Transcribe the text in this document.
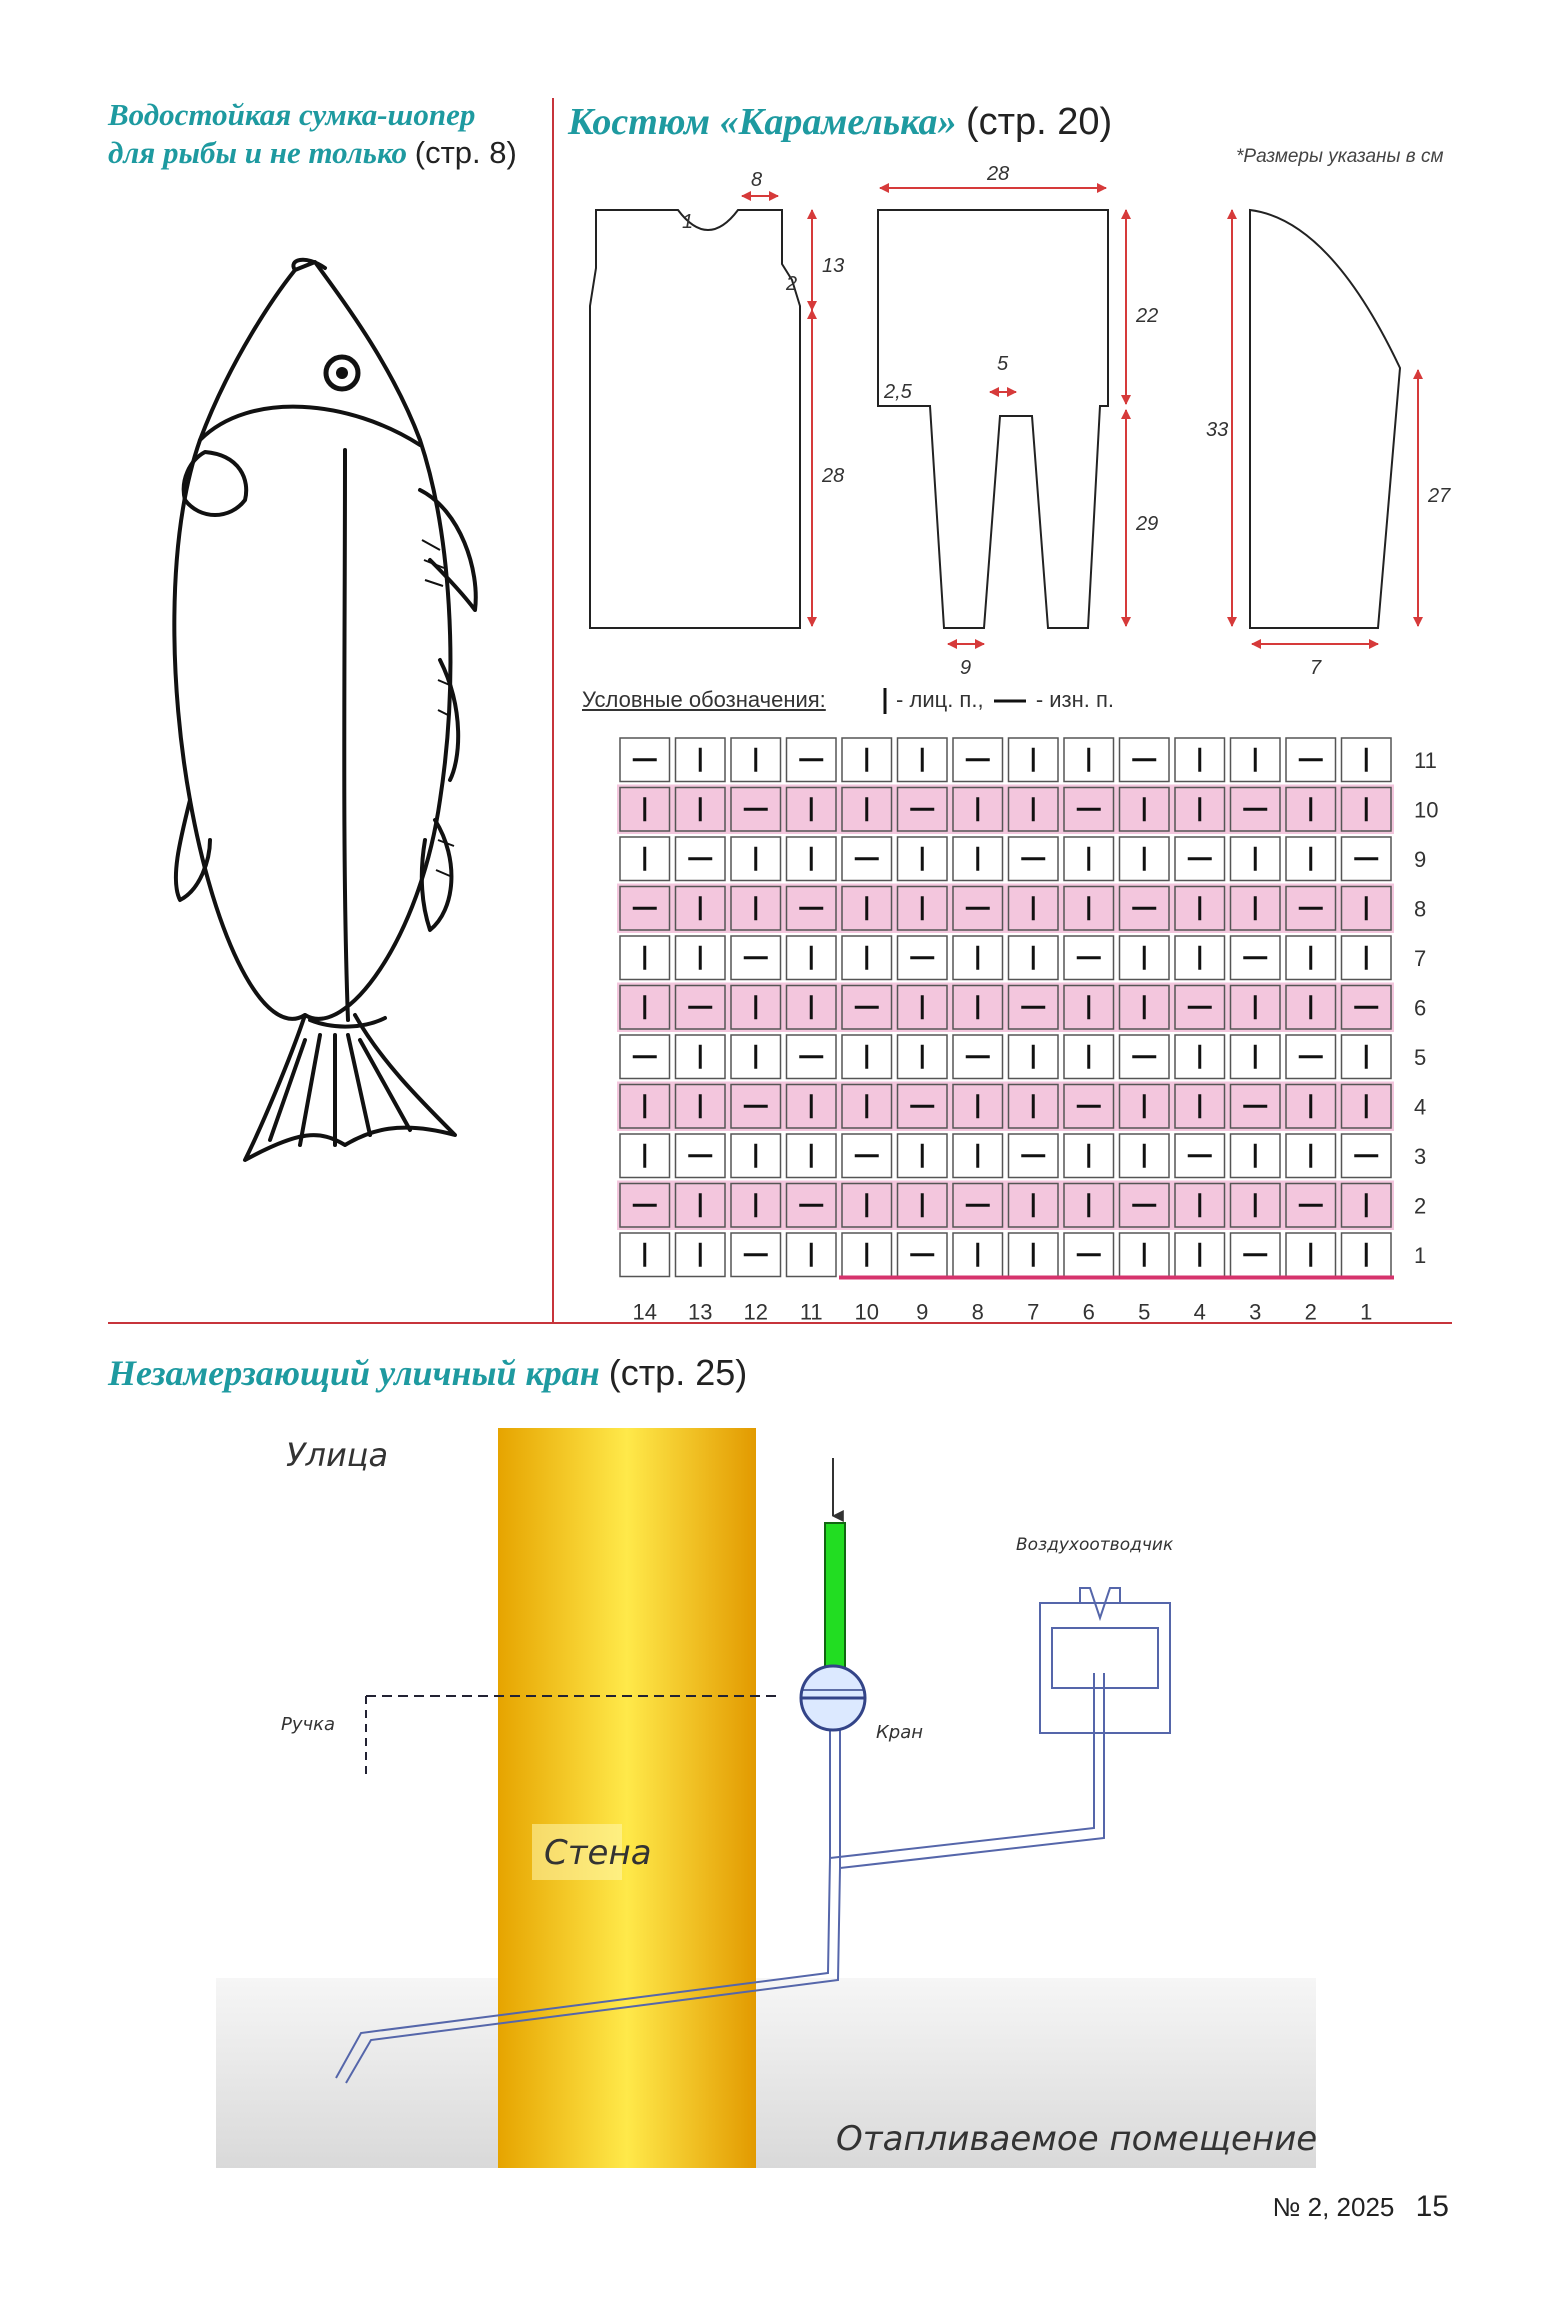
Водостойкая сумка-шопер
для рыбы и не только (стр. 8)
Костюм «Карамелька» (стр. 20)
*Размеры указаны в см
8
1
2
13
28
28
22
5
2,5
29
9
33
27
7
Условные обозначения:	- лиц. п., - изн. п.
11
10
9
8
7
6
5
4
3
2
1
14 13 12 11 10 9 8 7 6 5 4 3 2 1
Улица
Стена
Ручка	Кран
Воздухоотводчик
Отапливаемое помещение
Незамерзающий уличный кран (стр. 25)
№ 2, 2025 15
